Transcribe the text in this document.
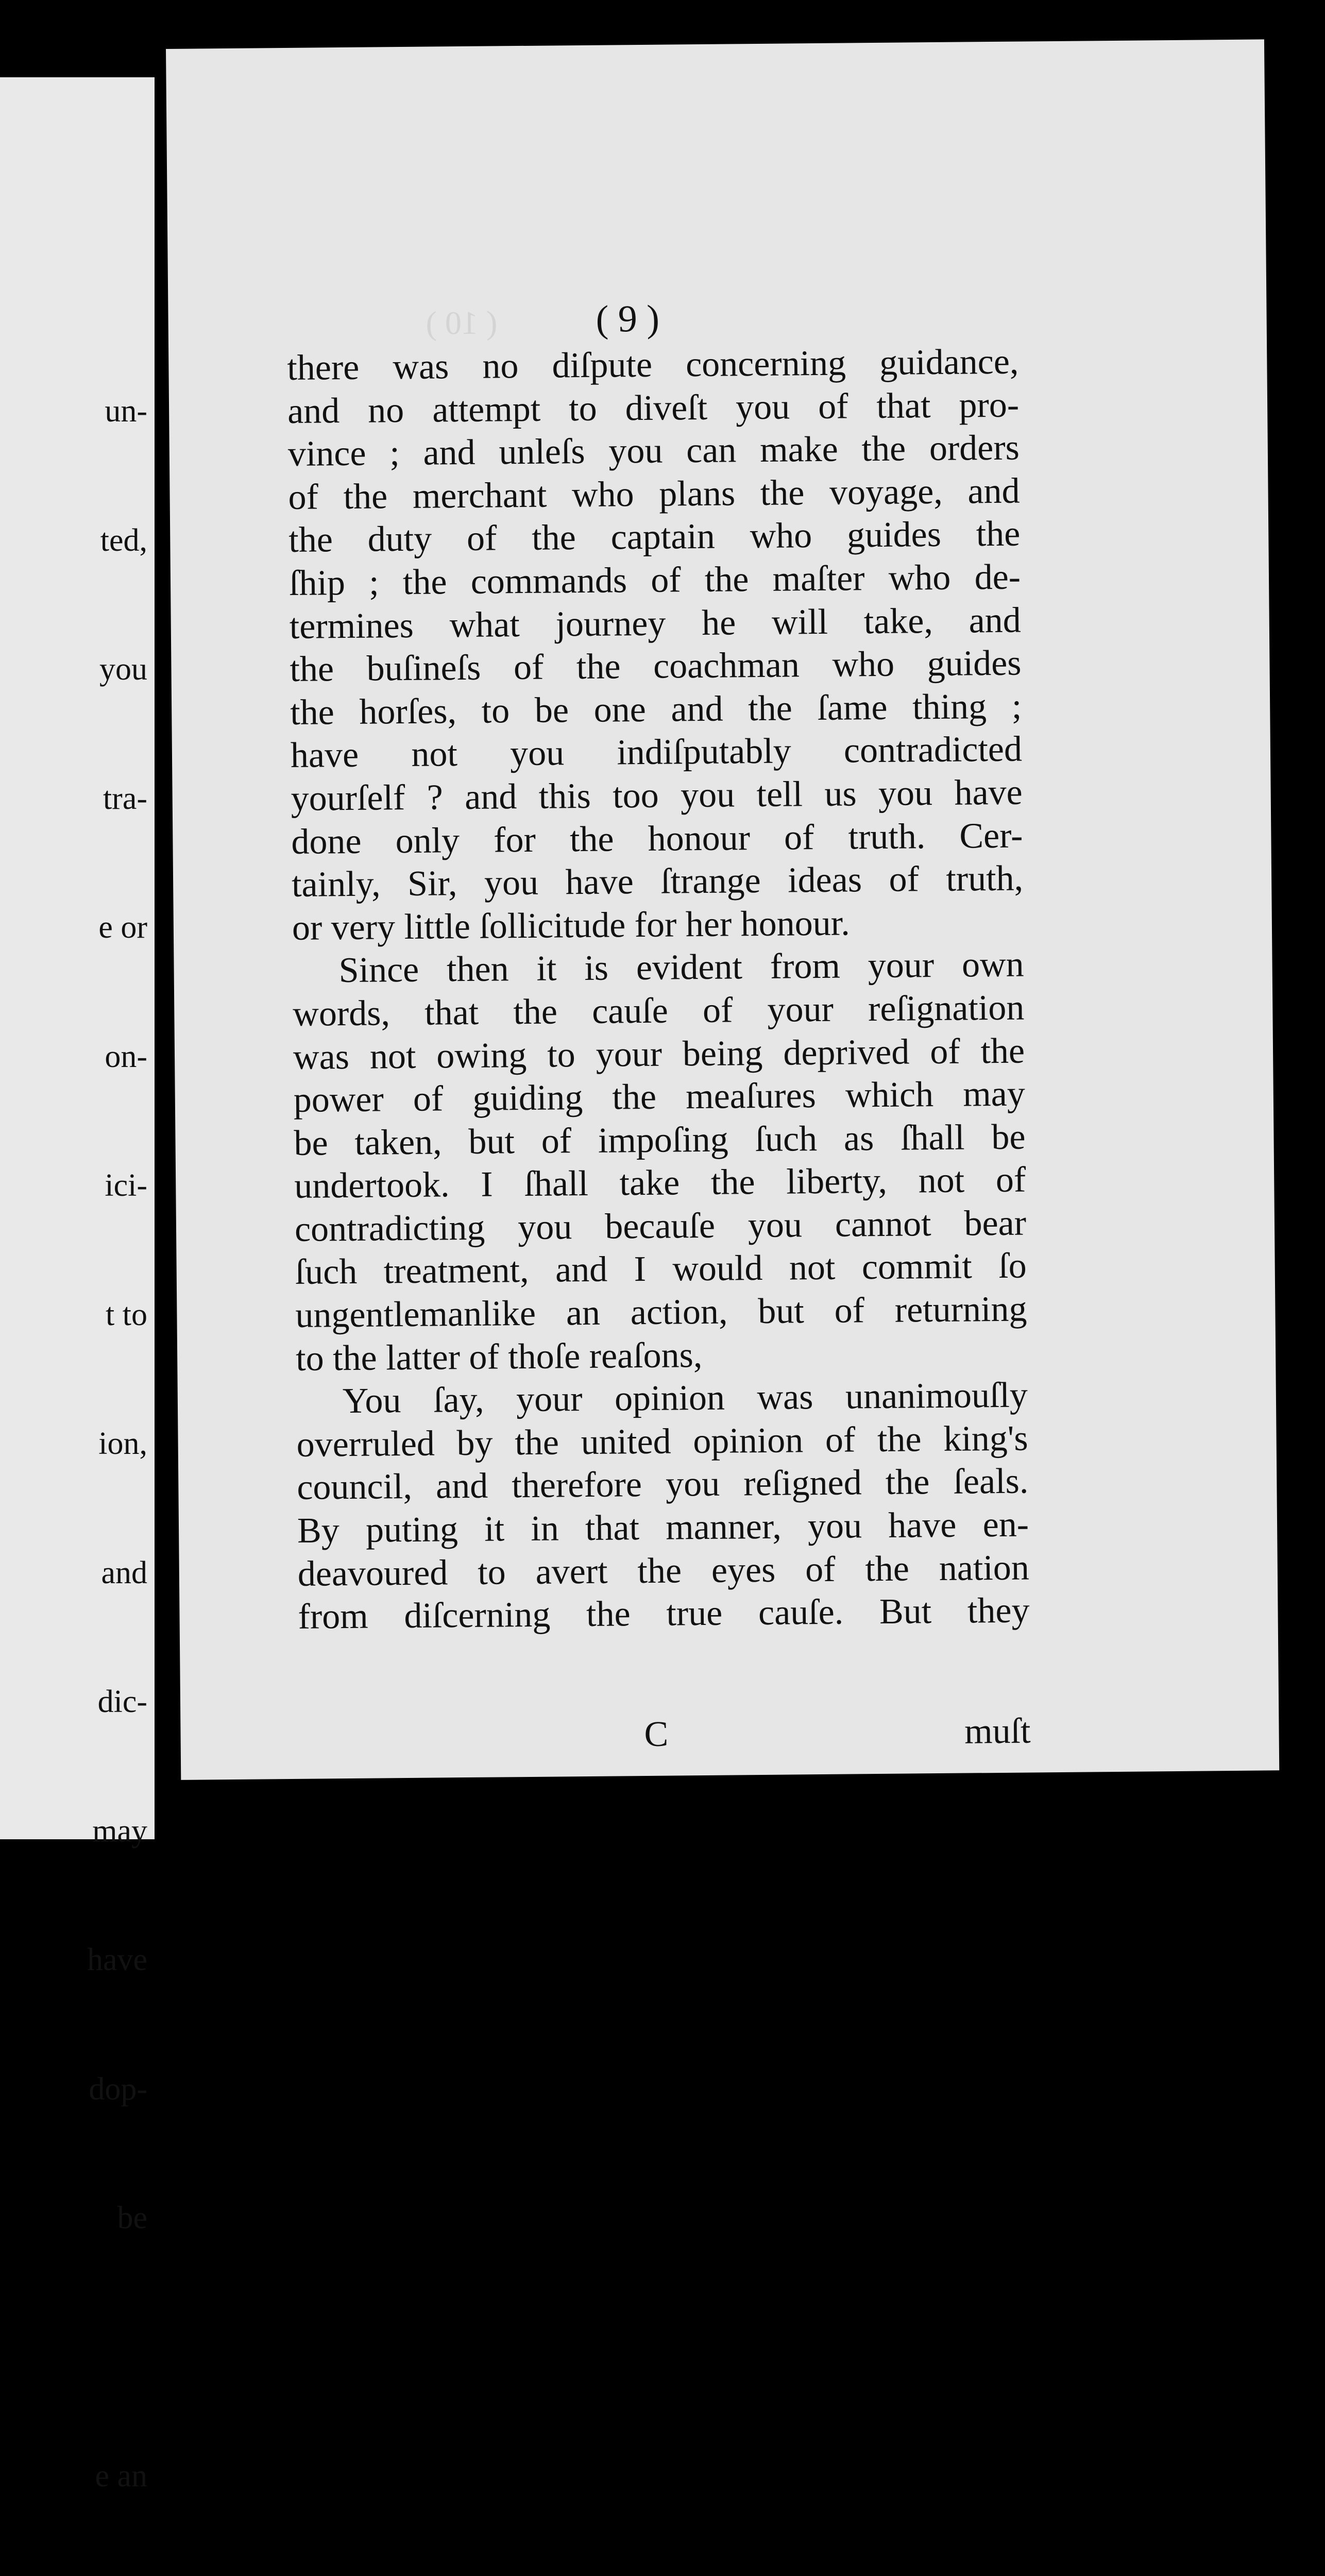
un-

ted,

you

tra-

e or

on-

ici-

t to

ion,

and

dic-

may

have

dop-

be

e an

( 10 )	( 9 )
there was no diſpute concerning guidance,
and no attempt to diveſt you of that pro-
vince ; and unleſs you can make the orders
of the merchant who plans the voyage, and
the duty of the captain who guides the
ſhip ; the commands of the maſter who de-
termines what journey he will take, and
the buſineſs of the coachman who guides
the horſes, to be one and the ſame thing ;
have not you indiſputably contradicted
yourſelf ? and this too you tell us you have
done only for the honour of truth. Cer-
tainly, Sir, you have ſtrange ideas of truth,
or very little ſollicitude for her honour.
Since then it is evident from your own
words, that the cauſe of your reſignation
was not owing to your being deprived of the
power of guiding the meaſures which may
be taken, but of impoſing ſuch as ſhall be
undertook. I ſhall take the liberty, not of
contradicting you becauſe you cannot bear
ſuch treatment, and I would not commit ſo
ungentlemanlike an action, but of returning
to the latter of thoſe reaſons,
You ſay, your opinion was unanimouſly
overruled by the united opinion of the king's
council, and therefore you reſigned the ſeals.
By puting it in that manner, you have en-
deavoured to avert the eyes of the nation
from diſcerning the true cauſe. But they
C	muſt
